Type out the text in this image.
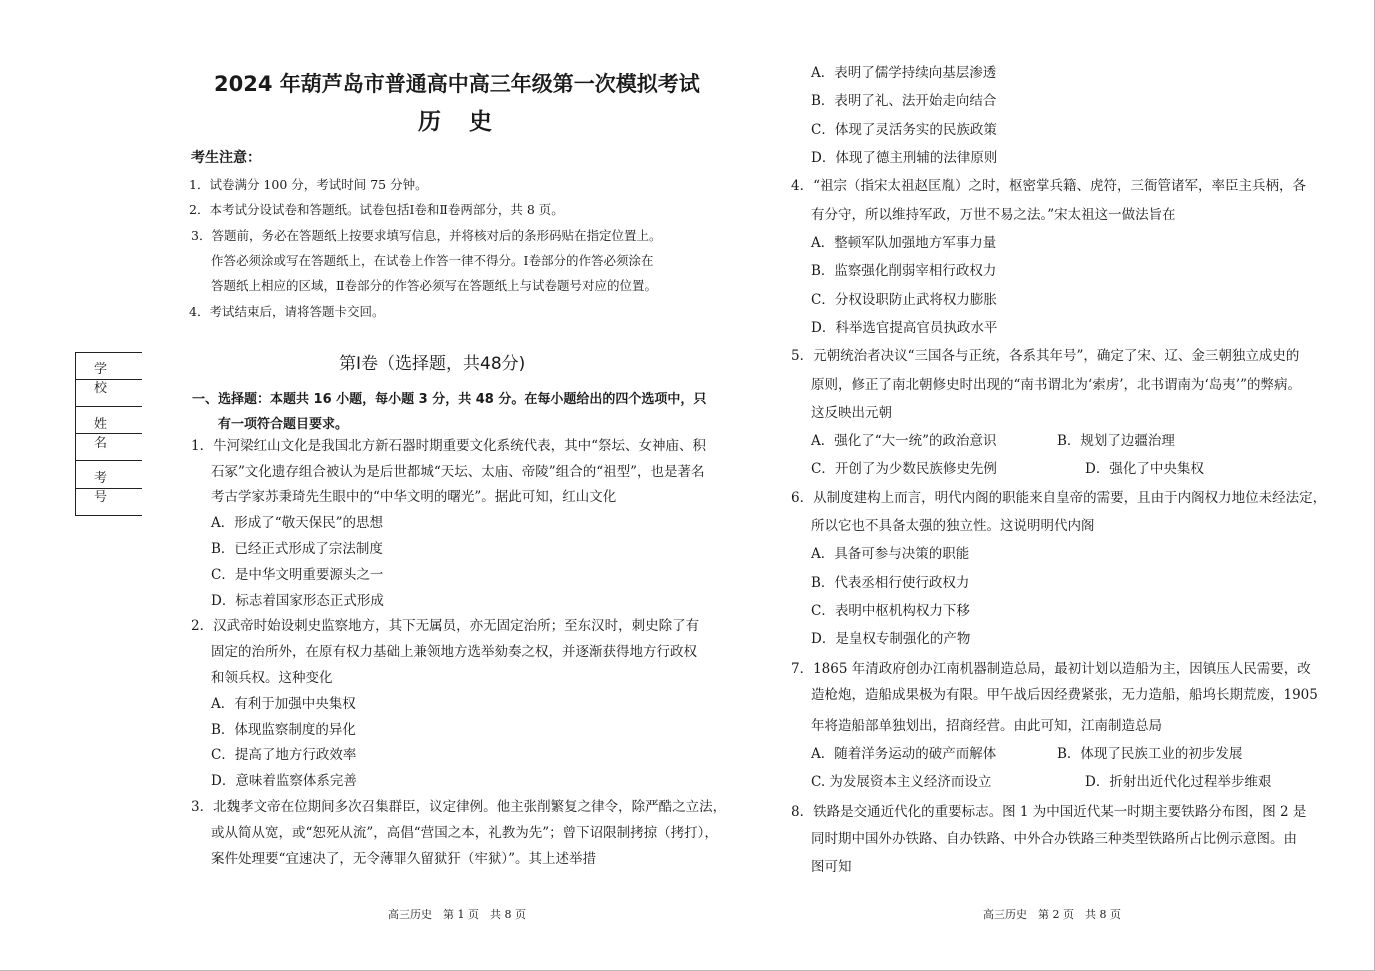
学 校
姓 名
考 号
2024 年葫芦岛市普通高中高三年级第一次模拟考试
历 史
考生注意：
1．试卷满分 100 分，考试时间 75 分钟。
2．本考试分设试卷和答题纸。试卷包括Ⅰ卷和Ⅱ卷两部分，共 8 页。
3．答题前，务必在答题纸上按要求填写信息，并将核对后的条形码贴在指定位置上。
作答必须涂或写在答题纸上，在试卷上作答一律不得分。Ⅰ卷部分的作答必须涂在
答题纸上相应的区域，Ⅱ卷部分的作答必须写在答题纸上与试卷题号对应的位置。
4．考试结束后，请将答题卡交回。
第Ⅰ卷（选择题，共48分)
一、选择题：本题共 16 小题，每小题 3 分，共 48 分。在每小题给出的四个选项中，只
有一项符合题目要求。
1．牛河梁红山文化是我国北方新石器时期重要文化系统代表，其中“祭坛、女神庙、积
石冢”文化遗存组合被认为是后世都城“天坛、太庙、帝陵”组合的“祖型”，也是著名
考古学家苏秉琦先生眼中的“中华文明的曙光”。据此可知，红山文化
A．形成了“敬天保民”的思想
B．已经正式形成了宗法制度
C．是中华文明重要源头之一
D．标志着国家形态正式形成
2．汉武帝时始设刺史监察地方，其下无属员，亦无固定治所；至东汉时，刺史除了有
固定的治所外，在原有权力基础上兼领地方选举劾奏之权，并逐渐获得地方行政权
和领兵权。这种变化
A．有利于加强中央集权
B．体现监察制度的异化
C．提高了地方行政效率
D．意味着监察体系完善
3．北魏孝文帝在位期间多次召集群臣，议定律例。他主张削繁复之律令，除严酷之立法，
或从简从宽，或“恕死从流”，高倡“营国之本，礼教为先”；曾下诏限制拷掠（拷打），
案件处理要“宜速决了，无令薄罪久留狱犴（牢狱）”。其上述举措
高三历史　第 1 页　共 8 页
A．表明了儒学持续向基层渗透
B．表明了礼、法开始走向结合
C．体现了灵活务实的民族政策
D．体现了德主刑辅的法律原则
4．“祖宗（指宋太祖赵匡胤）之时，枢密掌兵籍、虎符，三衙管诸军，率臣主兵柄，各
有分守，所以维持军政，万世不易之法。”宋太祖这一做法旨在
A．整顿军队加强地方军事力量
B．监察强化削弱宰相行政权力
C．分权设职防止武将权力膨胀
D．科举选官提高官员执政水平
5．元朝统治者决议“三国各与正统，各系其年号”，确定了宋、辽、金三朝独立成史的
原则，修正了南北朝修史时出现的“南书谓北为‘索虏’，北书谓南为‘岛夷’”的弊病。
这反映出元朝
A．强化了“大一统”的政治意识	B．规划了边疆治理
C．开创了为少数民族修史先例	D．强化了中央集权
6．从制度建构上而言，明代内阁的职能来自皇帝的需要，且由于内阁权力地位未经法定，
所以它也不具备太强的独立性。这说明明代内阁
A．具备可参与决策的职能
B．代表丞相行使行政权力
C．表明中枢机构权力下移
D．是皇权专制强化的产物
7．1865 年清政府创办江南机器制造总局，最初计划以造船为主，因镇压人民需要，改
造枪炮，造船成果极为有限。甲午战后因经费紧张，无力造船，船坞长期荒废，1905
年将造船部单独划出，招商经营。由此可知，江南制造总局
A．随着洋务运动的破产而解体	B．体现了民族工业的初步发展
C. 为发展资本主义经济而设立	D．折射出近代化过程举步维艰
8．铁路是交通近代化的重要标志。图 1 为中国近代某一时期主要铁路分布图，图 2 是
同时期中国外办铁路、自办铁路、中外合办铁路三种类型铁路所占比例示意图。由
图可知
高三历史　第 2 页　共 8 页
